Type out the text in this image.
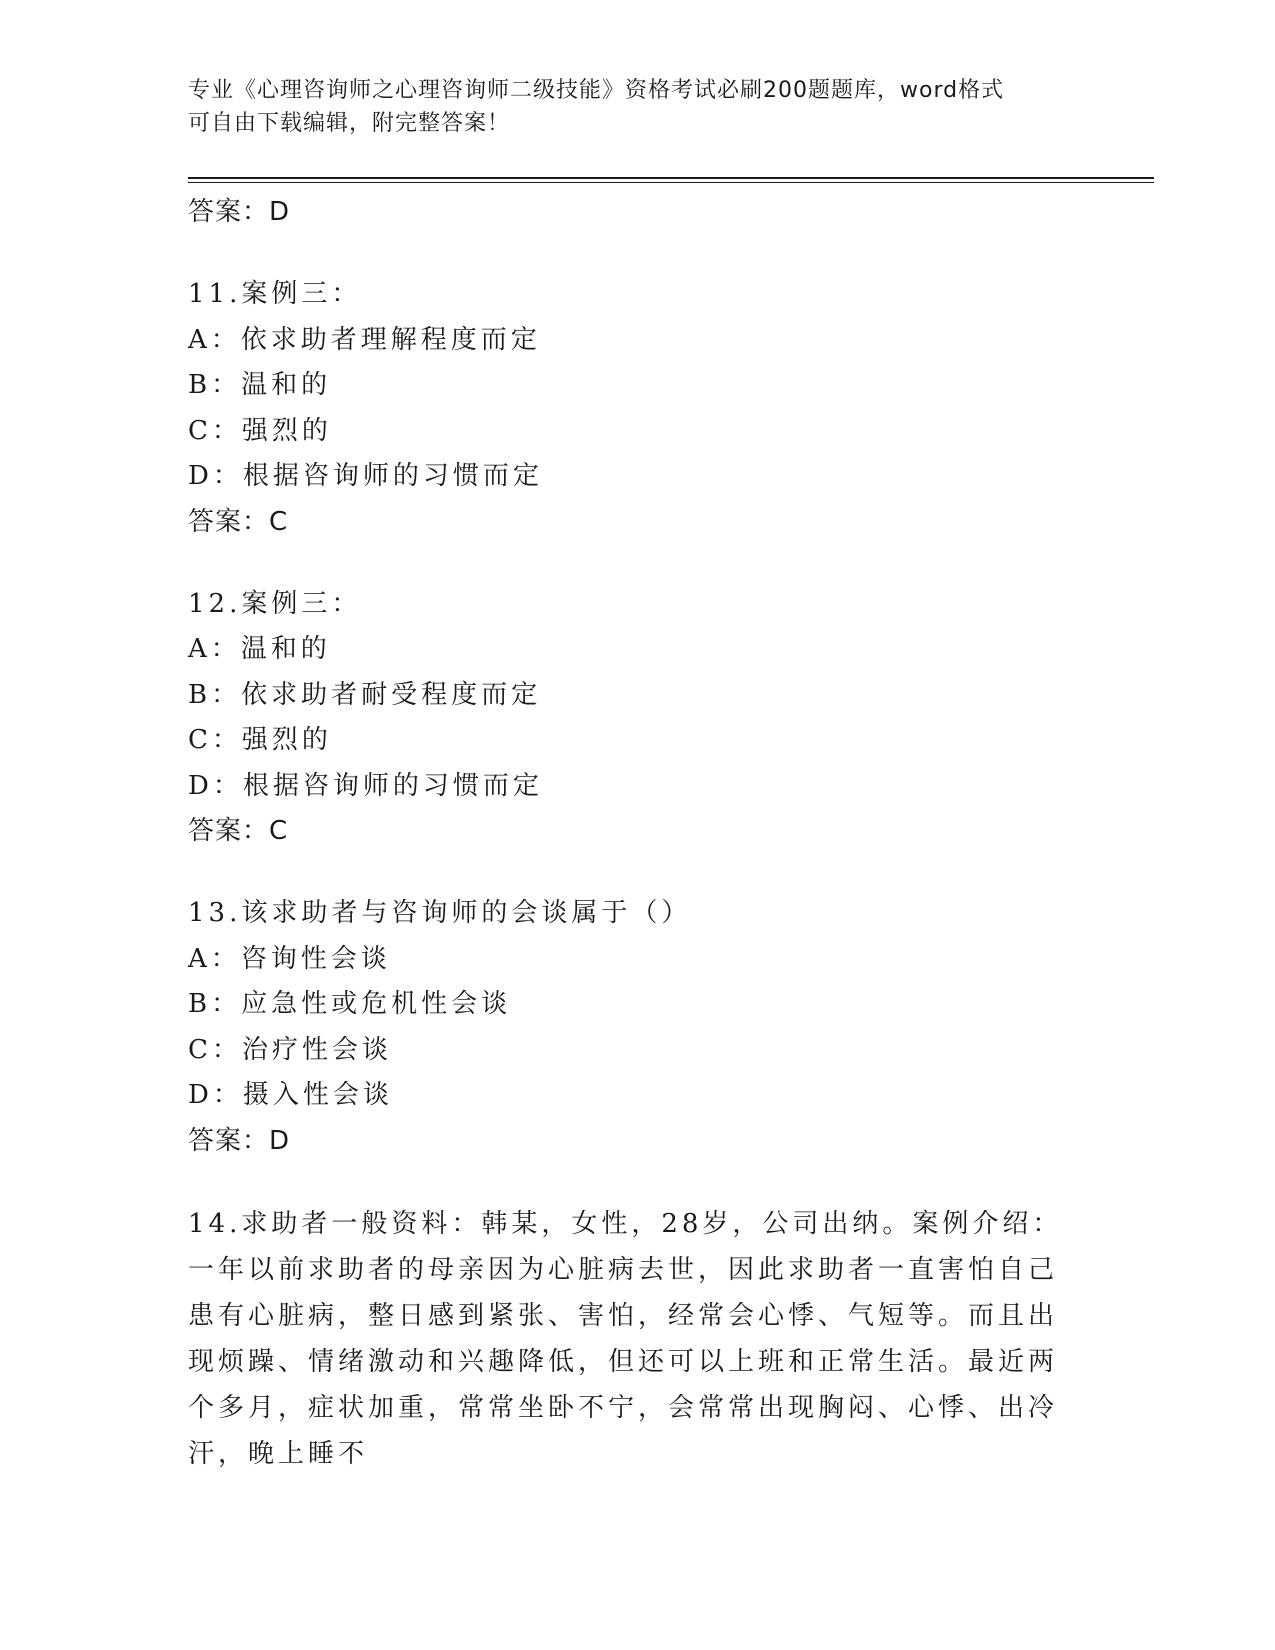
专业《心理咨询师之心理咨询师二级技能》资格考试必刷200题题库，word格式
可自由下载编辑，附完整答案！
答案：D
11.案例三：
A：依求助者理解程度而定
B：温和的
C：强烈的
D：根据咨询师的习惯而定
答案：C
12.案例三：
A：温和的
B：依求助者耐受程度而定
C：强烈的
D：根据咨询师的习惯而定
答案：C
13.该求助者与咨询师的会谈属于（）
A：咨询性会谈
B：应急性或危机性会谈
C：治疗性会谈
D：摄入性会谈
答案：D
14.求助者一般资料：韩某，女性，28岁，公司出纳。案例介绍：一年以前求助者的母亲因为心脏病去世，因此求助者一直害怕自己患有心脏病，整日感到紧张、害怕，经常会心悸、气短等。而且出现烦躁、情绪激动和兴趣降低，但还可以上班和正常生活。最近两个多月，症状加重，常常坐卧不宁，会常常出现胸闷、心悸、出冷汗，晚上睡不
